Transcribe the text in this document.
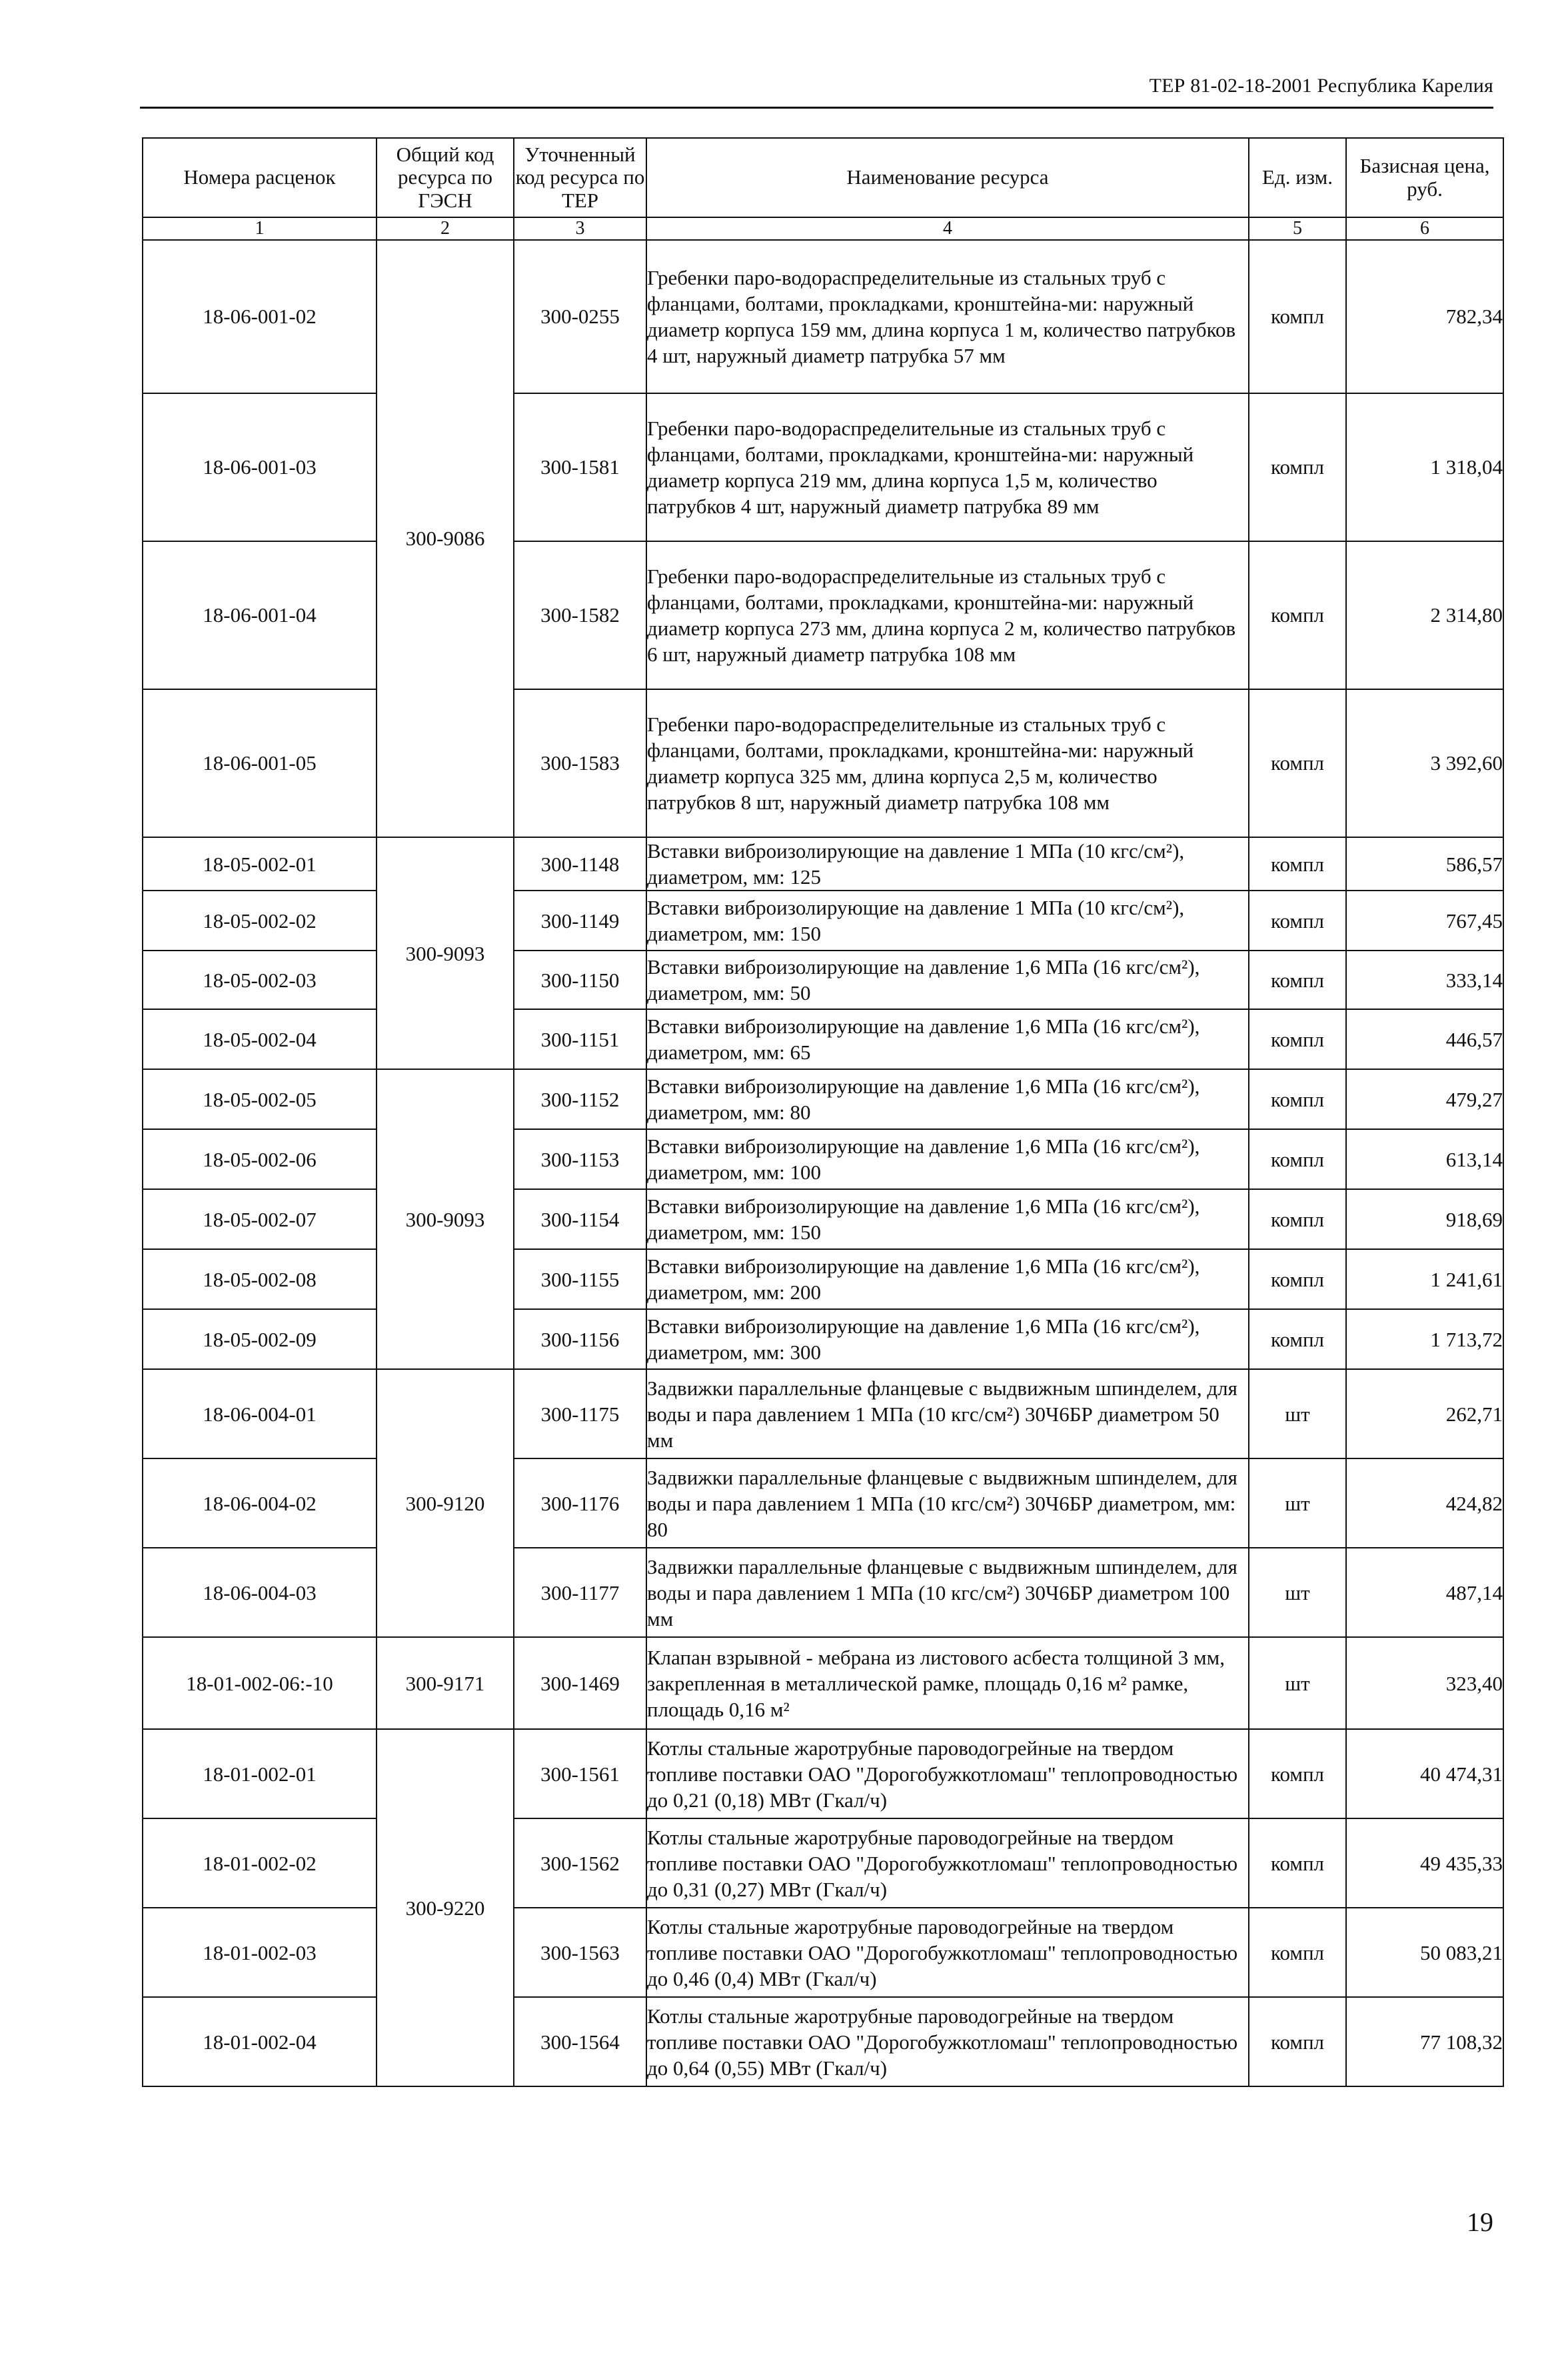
ТЕР 81-02-18-2001 Республика Карелия
Номера расценок	Общий код ресурса по ГЭСН	Уточненный код ресурса по ТЕР	Наименование ресурса	Ед. изм.	Базисная цена, руб.
1	2	3	4	5	6
18-06-001-02	300-9086	300-0255	Гребенки паро-водораспределительные из стальных труб с фланцами, болтами, прокладками, кронштейна-ми: наружный диаметр корпуса 159 мм, длина корпуса 1 м, количество патрубков 4 шт, наружный диаметр патрубка 57 мм	компл	782,34
18-06-001-03		300-1581	Гребенки паро-водораспределительные из стальных труб с фланцами, болтами, прокладками, кронштейна-ми: наружный диаметр корпуса 219 мм, длина корпуса 1,5 м, количество патрубков 4 шт, наружный диаметр патрубка 89 мм	компл	1 318,04
18-06-001-04		300-1582	Гребенки паро-водораспределительные из стальных труб с фланцами, болтами, прокладками, кронштейна-ми: наружный диаметр корпуса 273 мм, длина корпуса 2 м, количество патрубков 6 шт, наружный диаметр патрубка 108 мм	компл	2 314,80
18-06-001-05		300-1583	Гребенки паро-водораспределительные из стальных труб с фланцами, болтами, прокладками, кронштейна-ми: наружный диаметр корпуса 325 мм, длина корпуса 2,5 м, количество патрубков 8 шт, наружный диаметр патрубка 108 мм	компл	3 392,60
18-05-002-01	300-9093	300-1148	Вставки виброизолирующие на давление 1 МПа (10 кгс/см²), диаметром, мм: 125	компл	586,57
18-05-002-02		300-1149	Вставки виброизолирующие на давление 1 МПа (10 кгс/см²), диаметром, мм: 150	компл	767,45
18-05-002-03		300-1150	Вставки виброизолирующие на давление 1,6 МПа (16 кгс/см²), диаметром, мм: 50	компл	333,14
18-05-002-04		300-1151	Вставки виброизолирующие на давление 1,6 МПа (16 кгс/см²), диаметром, мм: 65	компл	446,57
18-05-002-05	300-9093	300-1152	Вставки виброизолирующие на давление 1,6 МПа (16 кгс/см²), диаметром, мм: 80	компл	479,27
18-05-002-06		300-1153	Вставки виброизолирующие на давление 1,6 МПа (16 кгс/см²), диаметром, мм: 100	компл	613,14
18-05-002-07		300-1154	Вставки виброизолирующие на давление 1,6 МПа (16 кгс/см²), диаметром, мм: 150	компл	918,69
18-05-002-08		300-1155	Вставки виброизолирующие на давление 1,6 МПа (16 кгс/см²), диаметром, мм: 200	компл	1 241,61
18-05-002-09		300-1156	Вставки виброизолирующие на давление 1,6 МПа (16 кгс/см²), диаметром, мм: 300	компл	1 713,72
18-06-004-01	300-9120	300-1175	Задвижки параллельные фланцевые с выдвижным шпинделем, для воды и пара давлением 1 МПа (10 кгс/см²) 30Ч6БР диаметром 50 мм	шт	262,71
18-06-004-02		300-1176	Задвижки параллельные фланцевые с выдвижным шпинделем, для воды и пара давлением 1 МПа (10 кгс/см²) 30Ч6БР диаметром, мм: 80	шт	424,82
18-06-004-03		300-1177	Задвижки параллельные фланцевые с выдвижным шпинделем, для воды и пара давлением 1 МПа (10 кгс/см²) 30Ч6БР диаметром 100 мм	шт	487,14
18-01-002-06:-10	300-9171	300-1469	Клапан взрывной - мебрана из листового асбеста толщиной 3 мм, закрепленная в металлической рамке, площадь 0,16 м² рамке, площадь 0,16 м²	шт	323,40
18-01-002-01	300-9220	300-1561	Котлы стальные жаротрубные пароводогрейные на твердом топливе поставки ОАО "Дорогобужкотломаш" теплопроводностью до 0,21 (0,18) МВт (Гкал/ч)	компл	40 474,31
18-01-002-02		300-1562	Котлы стальные жаротрубные пароводогрейные на твердом топливе поставки ОАО "Дорогобужкотломаш" теплопроводностью до 0,31 (0,27) МВт (Гкал/ч)	компл	49 435,33
18-01-002-03		300-1563	Котлы стальные жаротрубные пароводогрейные на твердом топливе поставки ОАО "Дорогобужкотломаш" теплопроводностью до 0,46 (0,4) МВт (Гкал/ч)	компл	50 083,21
18-01-002-04		300-1564	Котлы стальные жаротрубные пароводогрейные на твердом топливе поставки ОАО "Дорогобужкотломаш" теплопроводностью до 0,64 (0,55) МВт (Гкал/ч)	компл	77 108,32
19
